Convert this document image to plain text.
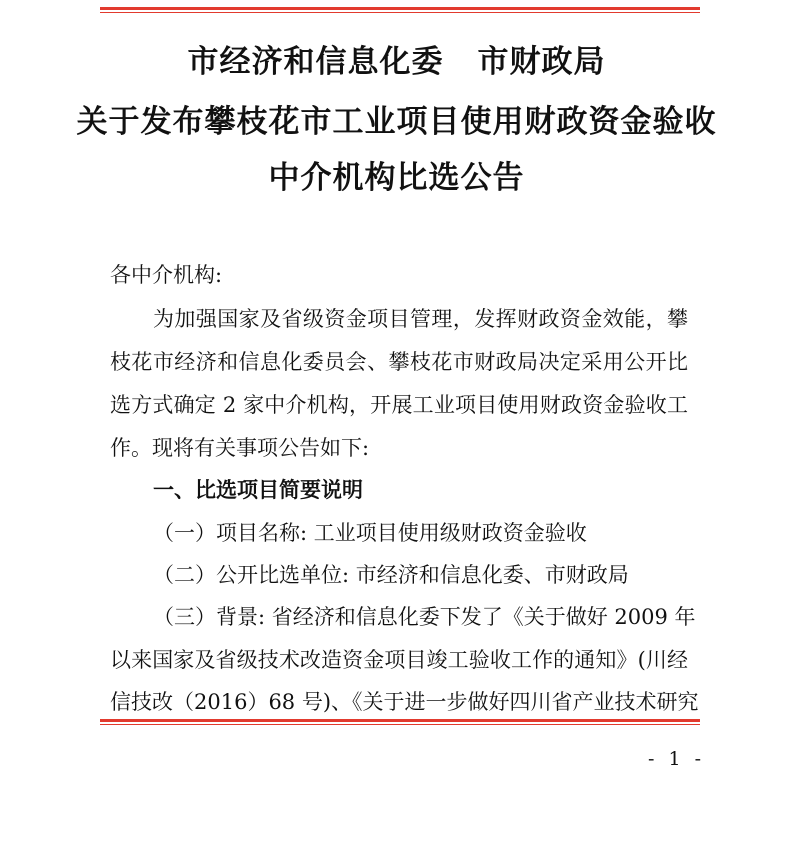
市经济和信息化委 市财政局
关于发布攀枝花市工业项目使用财政资金验收
中介机构比选公告
各中介机构:
为加强国家及省级资金项目管理，发挥财政资金效能，攀
枝花市经济和信息化委员会、攀枝花市财政局决定采用公开比
选方式确定 2 家中介机构，开展工业项目使用财政资金验收工
作。现将有关事项公告如下:
一、比选项目简要说明
（一）项目名称: 工业项目使用级财政资金验收
（二）公开比选单位: 市经济和信息化委、市财政局
（三）背景: 省经济和信息化委下发了《关于做好 2009 年
以来国家及省级技术改造资金项目竣工验收工作的通知》(川经
信技改（2016）68 号)、《关于进一步做好四川省产业技术研究
- 1 -
